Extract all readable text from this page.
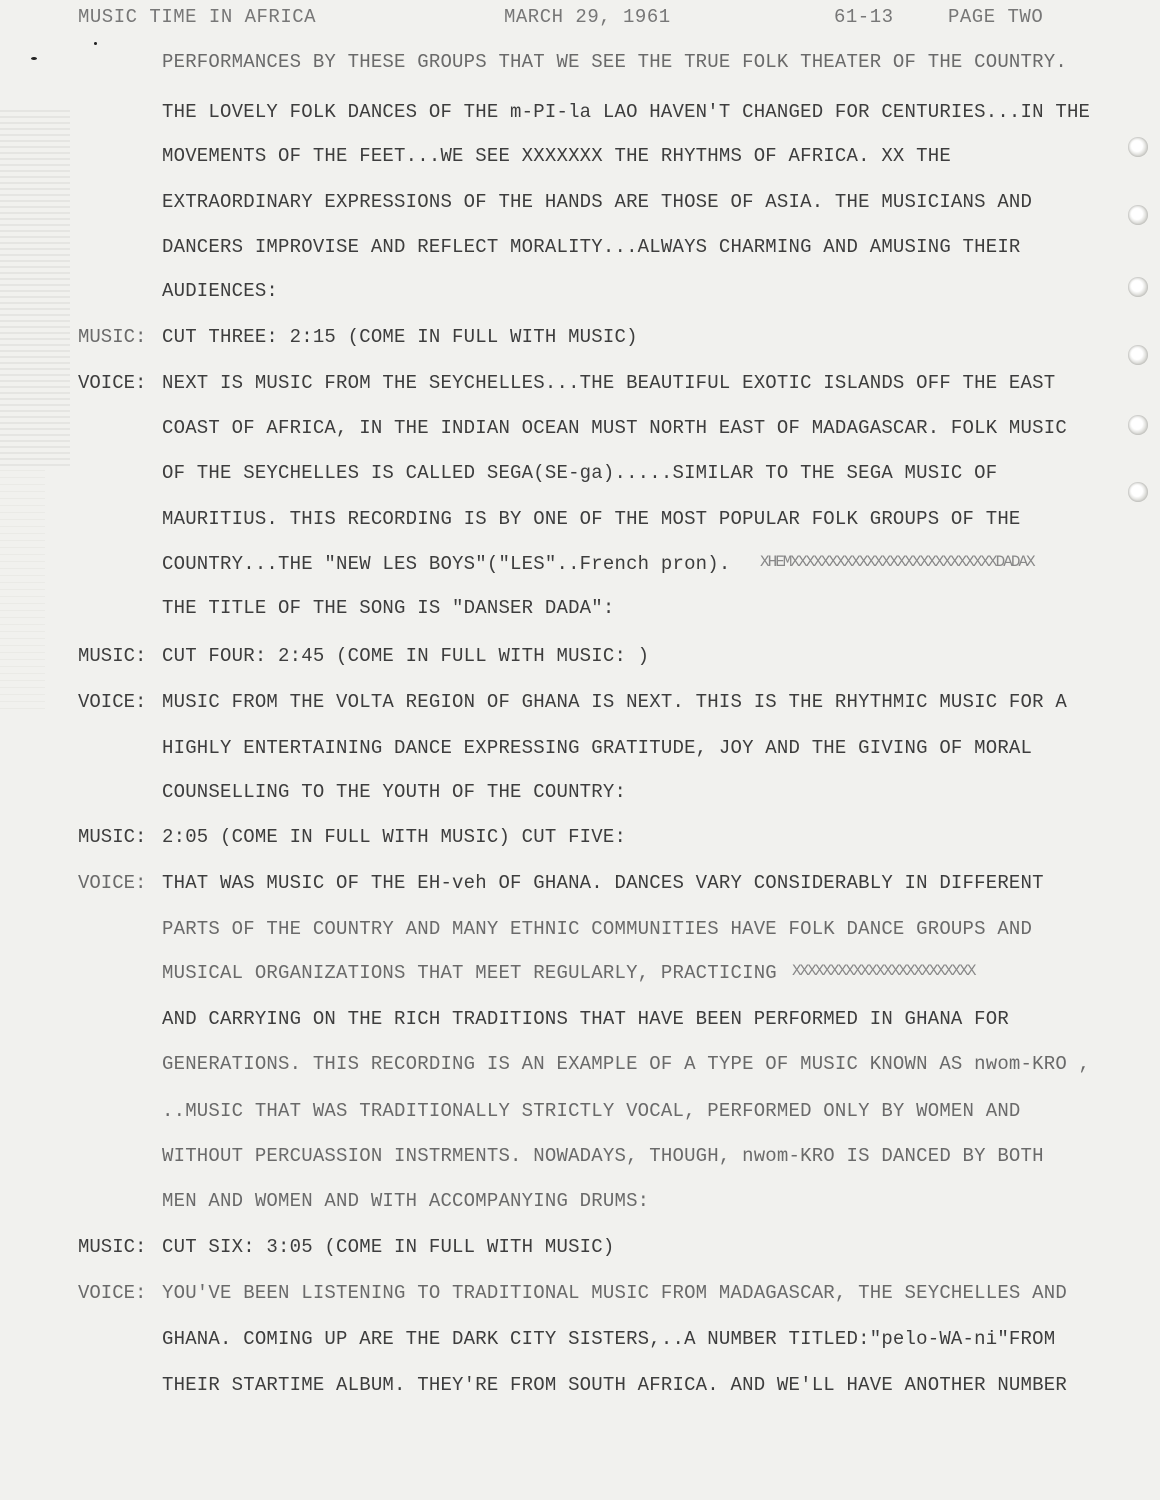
MUSIC TIME IN AFRICA	MARCH 29, 1961	61-13	PAGE TWO
PERFORMANCES BY THESE GROUPS THAT WE SEE THE TRUE FOLK THEATER OF THE COUNTRY.
THE LOVELY FOLK DANCES OF THE m-PI-la LAO HAVEN'T CHANGED FOR CENTURIES...IN THE
MOVEMENTS OF THE FEET...WE SEE XXXXXXX THE RHYTHMS OF AFRICA. XX THE
EXTRAORDINARY EXPRESSIONS OF THE HANDS ARE THOSE OF ASIA. THE MUSICIANS AND
DANCERS IMPROVISE AND REFLECT MORALITY...ALWAYS CHARMING AND AMUSING THEIR
AUDIENCES:
MUSIC: CUT THREE: 2:15 (COME IN FULL WITH MUSIC)
VOICE: NEXT IS MUSIC FROM THE SEYCHELLES...THE BEAUTIFUL EXOTIC ISLANDS OFF THE EAST
COAST OF AFRICA, IN THE INDIAN OCEAN MUST NORTH EAST OF MADAGASCAR. FOLK MUSIC
OF THE SEYCHELLES IS CALLED SEGA(SE-ga).....SIMILAR TO THE SEGA MUSIC OF
MAURITIUS. THIS RECORDING IS BY ONE OF THE MOST POPULAR FOLK GROUPS OF THE
COUNTRY...THE "NEW LES BOYS"("LES"..French pron). XHEMXXXXXXXXXXXXXXXXXXXXXXXXXXXDADAX
THE TITLE OF THE SONG IS "DANSER DADA":
MUSIC: CUT FOUR: 2:45 (COME IN FULL WITH MUSIC: )
VOICE: MUSIC FROM THE VOLTA REGION OF GHANA IS NEXT. THIS IS THE RHYTHMIC MUSIC FOR A
HIGHLY ENTERTAINING DANCE EXPRESSING GRATITUDE, JOY AND THE GIVING OF MORAL
COUNSELLING TO THE YOUTH OF THE COUNTRY:
MUSIC: 2:05 (COME IN FULL WITH MUSIC) CUT FIVE:
VOICE: THAT WAS MUSIC OF THE EH-veh OF GHANA. DANCES VARY CONSIDERABLY IN DIFFERENT
PARTS OF THE COUNTRY AND MANY ETHNIC COMMUNITIES HAVE FOLK DANCE GROUPS AND
MUSICAL ORGANIZATIONS THAT MEET REGULARLY, PRACTICING XXXXXXXXXXXXXXXXXXXXXXXX
AND CARRYING ON THE RICH TRADITIONS THAT HAVE BEEN PERFORMED IN GHANA FOR
GENERATIONS. THIS RECORDING IS AN EXAMPLE OF A TYPE OF MUSIC KNOWN AS nwom-KRO ,
..MUSIC THAT WAS TRADITIONALLY STRICTLY VOCAL, PERFORMED ONLY BY WOMEN AND
WITHOUT PERCUASSION INSTRMENTS. NOWADAYS, THOUGH, nwom-KRO IS DANCED BY BOTH
MEN AND WOMEN AND WITH ACCOMPANYING DRUMS:
MUSIC: CUT SIX: 3:05 (COME IN FULL WITH MUSIC)
VOICE: YOU'VE BEEN LISTENING TO TRADITIONAL MUSIC FROM MADAGASCAR, THE SEYCHELLES AND
GHANA. COMING UP ARE THE DARK CITY SISTERS,..A NUMBER TITLED:"pelo-WA-ni"FROM
THEIR STARTIME ALBUM. THEY'RE FROM SOUTH AFRICA. AND WE'LL HAVE ANOTHER NUMBER
